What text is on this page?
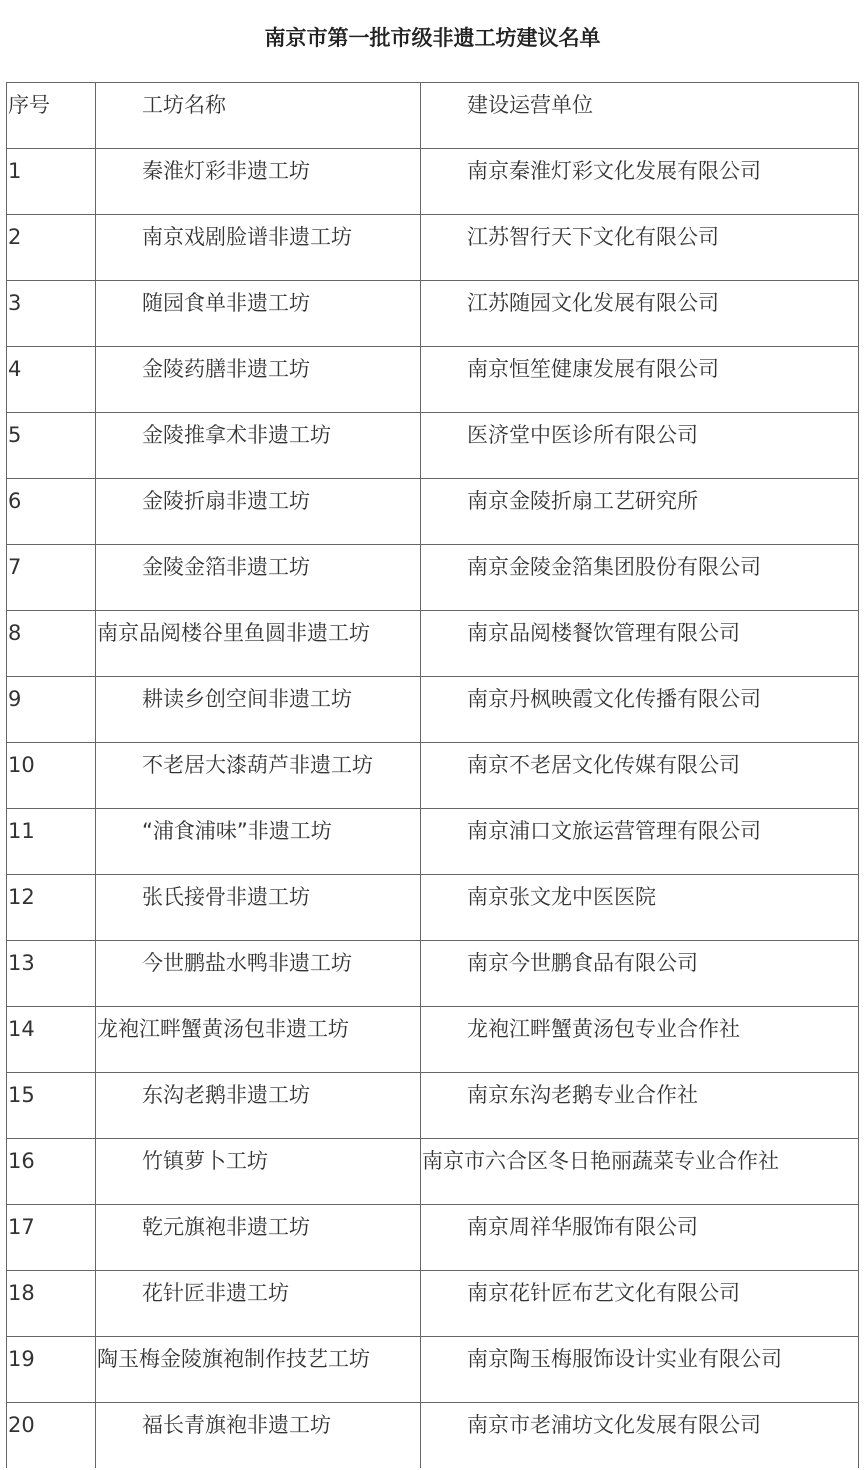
南京市第一批市级非遗工坊建议名单
序号	工坊名称	建设运营单位

1	秦淮灯彩非遗工坊	南京秦淮灯彩文化发展有限公司

2	南京戏剧脸谱非遗工坊	江苏智行天下文化有限公司

3	随园食单非遗工坊	江苏随园文化发展有限公司

4	金陵药膳非遗工坊	南京恒笙健康发展有限公司

5	金陵推拿术非遗工坊	医济堂中医诊所有限公司

6	金陵折扇非遗工坊	南京金陵折扇工艺研究所

7	金陵金箔非遗工坊	南京金陵金箔集团股份有限公司

8	南京品阅楼谷里鱼圆非遗工坊	南京品阅楼餐饮管理有限公司

9	耕读乡创空间非遗工坊	南京丹枫映霞文化传播有限公司

10	不老居大漆葫芦非遗工坊	南京不老居文化传媒有限公司

11	“浦食浦味”非遗工坊	南京浦口文旅运营管理有限公司

12	张氏接骨非遗工坊	南京张文龙中医医院

13	今世鹏盐水鸭非遗工坊	南京今世鹏食品有限公司

14	龙袍江畔蟹黄汤包非遗工坊	龙袍江畔蟹黄汤包专业合作社

15	东沟老鹅非遗工坊	南京东沟老鹅专业合作社

16	竹镇萝卜工坊	南京市六合区冬日艳丽蔬菜专业合作社

17	乾元旗袍非遗工坊	南京周祥华服饰有限公司

18	花针匠非遗工坊	南京花针匠布艺文化有限公司

19	陶玉梅金陵旗袍制作技艺工坊	南京陶玉梅服饰设计实业有限公司

20	福长青旗袍非遗工坊	南京市老浦坊文化发展有限公司
